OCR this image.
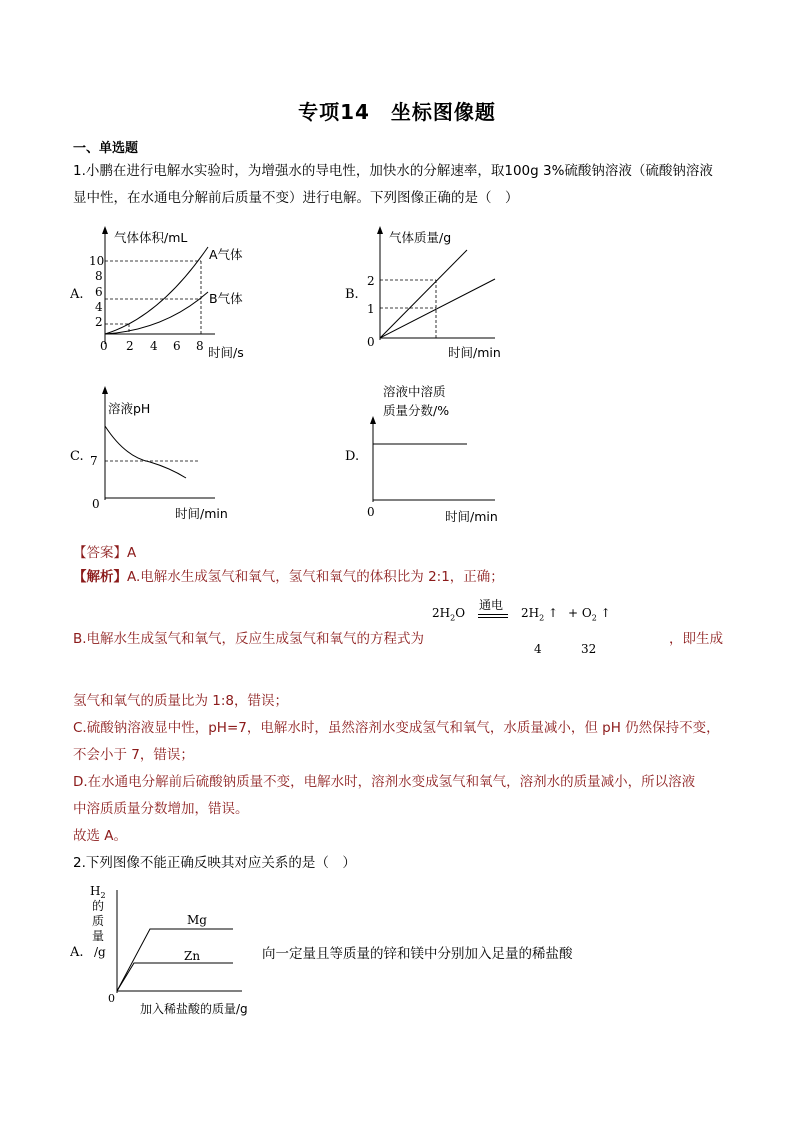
专项14　坐标图像题
一、单选题
1.小鹏在进行电解水实验时，为增强水的导电性，加快水的分解速率，取100g 3%硫酸钠溶液（硫酸钠溶液
显中性，在水通电分解前后质量不变）进行电解。下列图像正确的是（　）
A.
气体体积/mL
时间/s
0
2
4
6
8
10
2 4 6 8
A气体
B气体	B.
气体质量/g
时间/min
0
1
2
C.
溶液pH
时间/min
0
7	D.
溶液中溶质
质量分数/%
时间/min
0
【答案】A
【解析】A.电解水生成氢气和氧气，氢气和氧气的体积比为 2:1，正确；
$2H_2O$
通电
$2H_2$ ↑ + $O_2$ ↑
4	32
B.电解水生成氢气和氧气，反应生成氢气和氧气的方程式为	，即生成
氢气和氧气的质量比为 1:8，错误；
C.硫酸钠溶液显中性，pH=7，电解水时，虽然溶剂水变成氢气和氧气，水质量减小，但 pH 仍然保持不变，
不会小于 7，错误；
D.在水通电分解前后硫酸钠质量不变，电解水时，溶剂水变成氢气和氧气，溶剂水的质量减小，所以溶液
中溶质质量分数增加，错误。
故选 A。
2.下列图像不能正确反映其对应关系的是（　）
A.
$H_2$
的
质
量
/g
0
加入稀盐酸的质量/g
Mg
Zn	向一定量且等质量的锌和镁中分别加入足量的稀盐酸
